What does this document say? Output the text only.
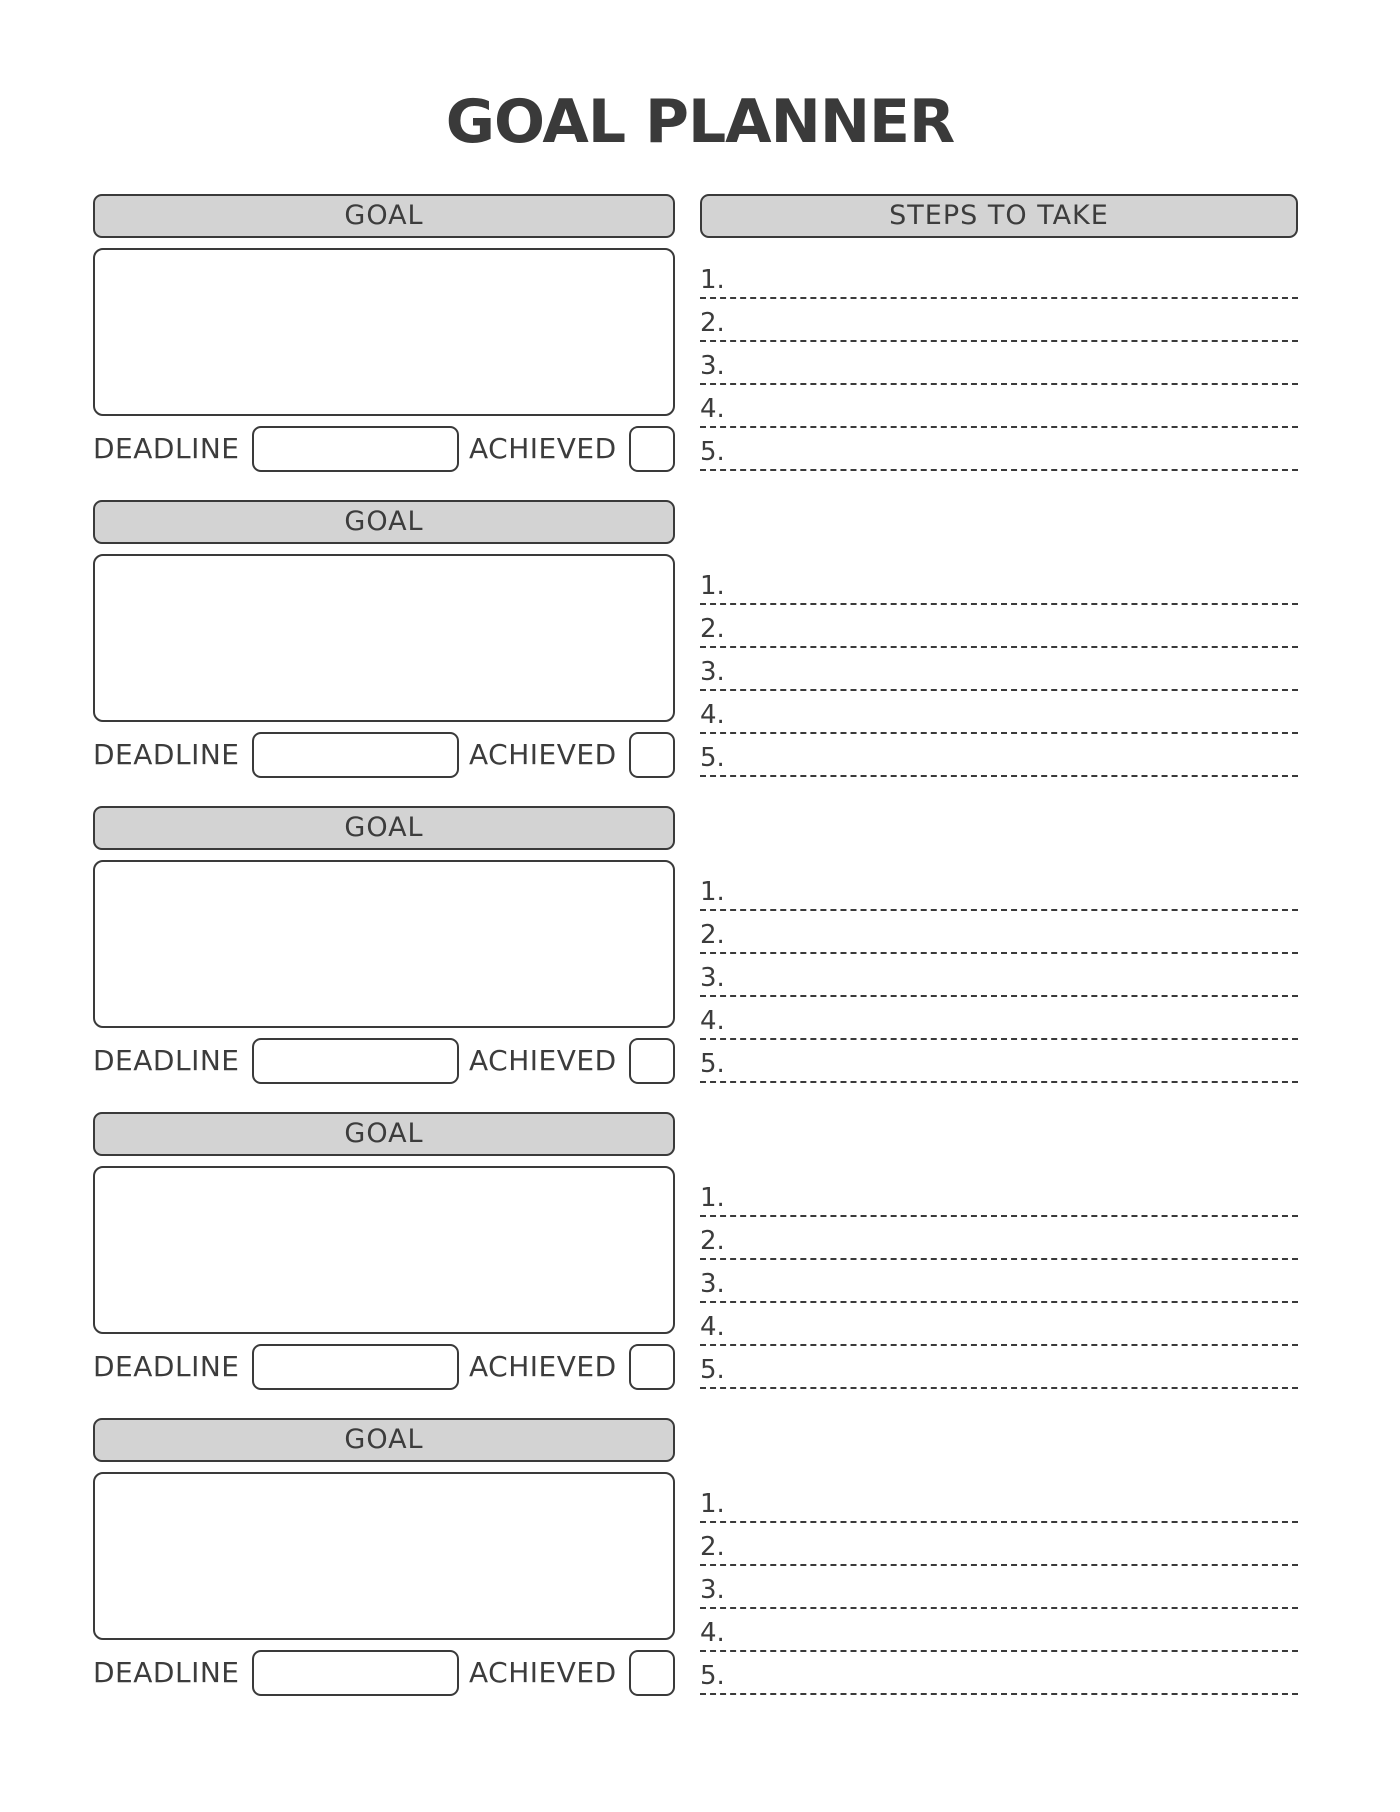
GOAL PLANNER
STEPS TO TAKE
GOAL
DEADLINE	ACHIEVED
1.
2.
3.
4.
5.
GOAL
DEADLINE	ACHIEVED
1.
2.
3.
4.
5.
GOAL
DEADLINE	ACHIEVED
1.
2.
3.
4.
5.
GOAL
DEADLINE	ACHIEVED
1.
2.
3.
4.
5.
GOAL
DEADLINE	ACHIEVED
1.
2.
3.
4.
5.
